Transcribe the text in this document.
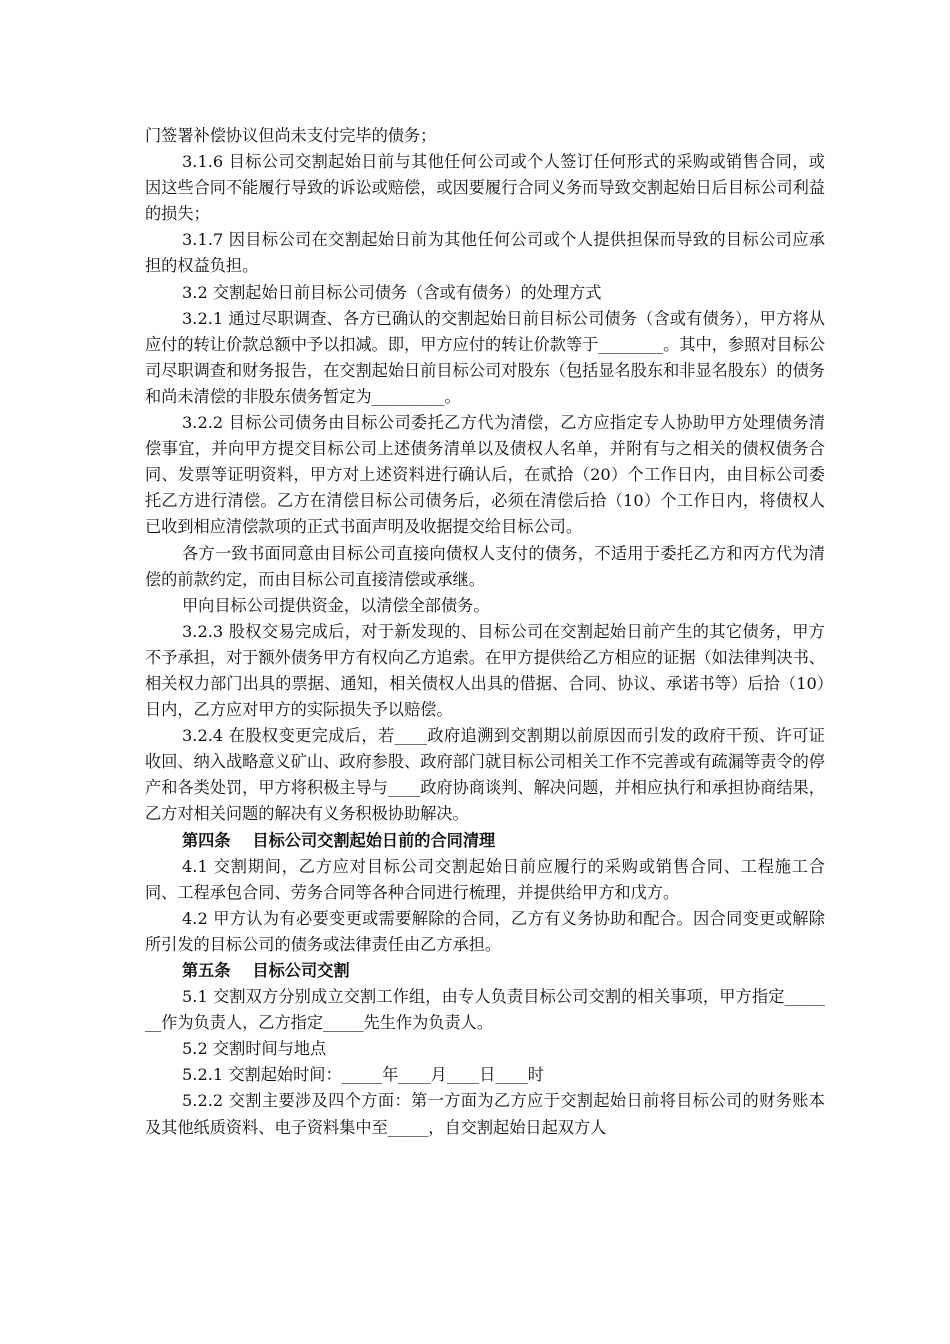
门签署补偿协议但尚未支付完毕的债务；

3.1.6 目标公司交割起始日前与其他任何公司或个人签订任何形式的采购或销售合同，或因这些合同不能履行导致的诉讼或赔偿，或因要履行合同义务而导致交割起始日后目标公司利益的损失；

3.1.7 因目标公司在交割起始日前为其他任何公司或个人提供担保而导致的目标公司应承担的权益负担。

3.2 交割起始日前目标公司债务（含或有债务）的处理方式

3.2.1 通过尽职调查、各方已确认的交割起始日前目标公司债务（含或有债务），甲方将从应付的转让价款总额中予以扣减。即，甲方应付的转让价款等于________。其中，参照对目标公司尽职调查和财务报告，在交割起始日前目标公司对股东（包括显名股东和非显名股东）的债务和尚未清偿的非股东债务暂定为_________。

3.2.2 目标公司债务由目标公司委托乙方代为清偿，乙方应指定专人协助甲方处理债务清偿事宜，并向甲方提交目标公司上述债务清单以及债权人名单，并附有与之相关的债权债务合同、发票等证明资料，甲方对上述资料进行确认后，在贰拾（20）个工作日内，由目标公司委托乙方进行清偿。乙方在清偿目标公司债务后，必须在清偿后拾（10）个工作日内，将债权人已收到相应清偿款项的正式书面声明及收据提交给目标公司。

各方一致书面同意由目标公司直接向债权人支付的债务，不适用于委托乙方和丙方代为清偿的前款约定，而由目标公司直接清偿或承继。

甲向目标公司提供资金，以清偿全部债务。

3.2.3 股权交易完成后，对于新发现的、目标公司在交割起始日前产生的其它债务，甲方不予承担，对于额外债务甲方有权向乙方追索。在甲方提供给乙方相应的证据（如法律判决书、相关权力部门出具的票据、通知，相关债权人出具的借据、合同、协议、承诺书等）后拾（10）日内，乙方应对甲方的实际损失予以赔偿。

3.2.4 在股权变更完成后，若____政府追溯到交割期以前原因而引发的政府干预、许可证收回、纳入战略意义矿山、政府参股、政府部门就目标公司相关工作不完善或有疏漏等责令的停产和各类处罚，甲方将积极主导与____政府协商谈判、解决问题，并相应执行和承担协商结果，乙方对相关问题的解决有义务积极协助解决。

第四条　 目标公司交割起始日前的合同清理

4.1 交割期间，乙方应对目标公司交割起始日前应履行的采购或销售合同、工程施工合同、工程承包合同、劳务合同等各种合同进行梳理，并提供给甲方和戊方。

4.2 甲方认为有必要变更或需要解除的合同，乙方有义务协助和配合。因合同变更或解除所引发的目标公司的债务或法律责任由乙方承担。

第五条　 目标公司交割

5.1 交割双方分别成立交割工作组，由专人负责目标公司交割的相关事项，甲方指定_______作为负责人，乙方指定_____先生作为负责人。

5.2 交割时间与地点

5.2.1 交割起始时间：_____年____月____日____时

5.2.2 交割主要涉及四个方面：第一方面为乙方应于交割起始日前将目标公司的财务账本及其他纸质资料、电子资料集中至_____，自交割起始日起双方人
